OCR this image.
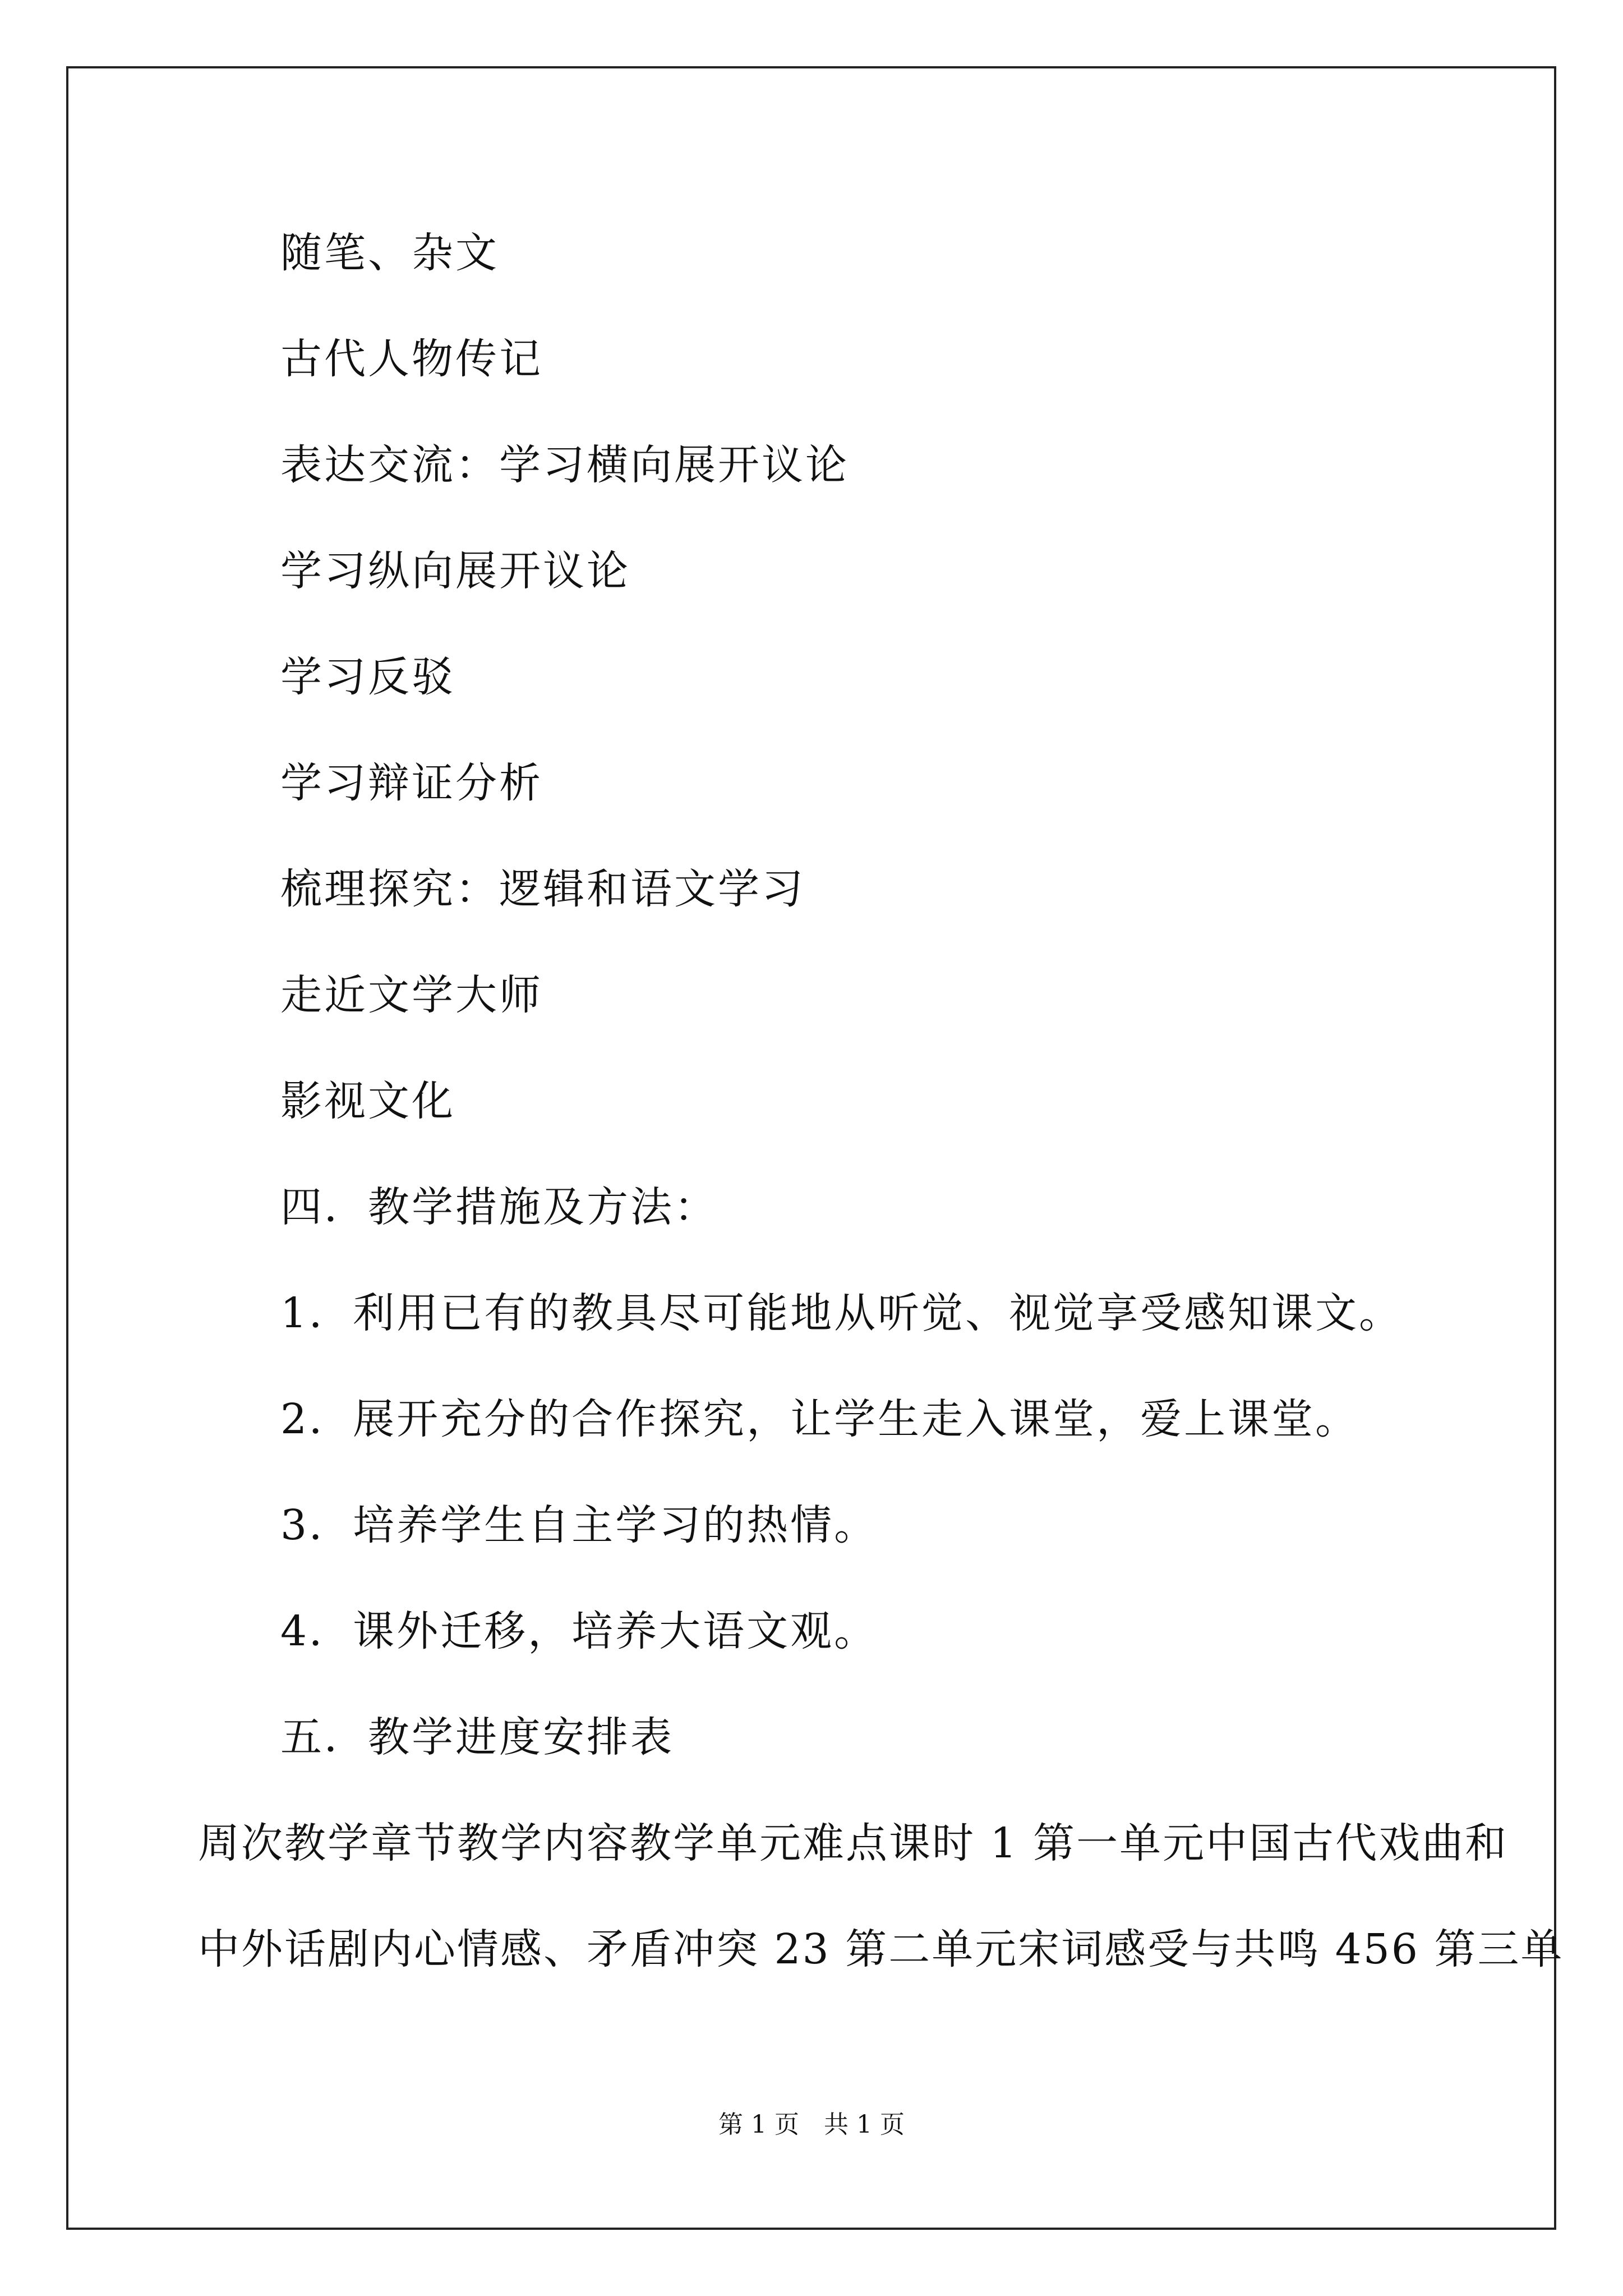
随笔、杂文
古代人物传记
表达交流：学习横向展开议论
学习纵向展开议论
学习反驳
学习辩证分析
梳理探究：逻辑和语文学习
走近文学大师
影视文化
四．教学措施及方法：
1．利用已有的教具尽可能地从听觉、视觉享受感知课文。
2．展开充分的合作探究，让学生走入课堂，爱上课堂。
3．培养学生自主学习的热情。
4．课外迁移，培养大语文观。
五．教学进度安排表
周次教学章节教学内容教学单元难点课时 1 第一单元中国古代戏曲和
中外话剧内心情感、矛盾冲突 23 第二单元宋词感受与共鸣 456 第三单
第 1 页　共 1 页
